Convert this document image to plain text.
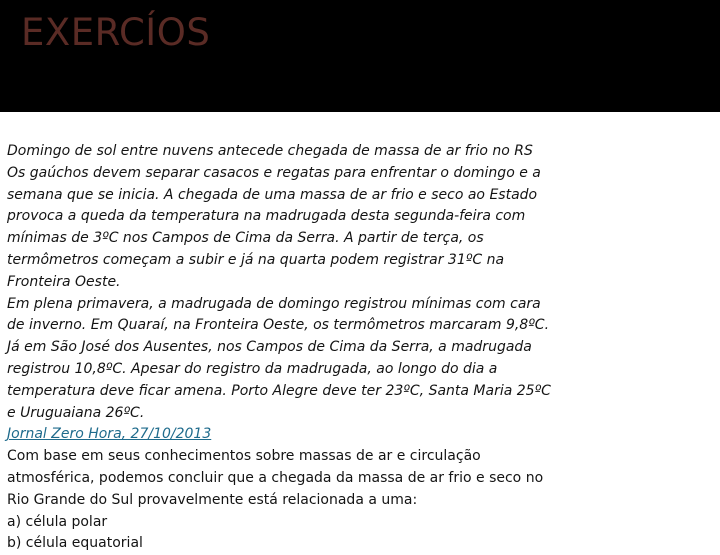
EXERCÍOS
Domingo de sol entre nuvens antecede chegada de massa de ar frio no RS
Os gaúchos devem separar casacos e regatas para enfrentar o domingo e a
semana que se inicia. A chegada de uma massa de ar frio e seco ao Estado
provoca a queda da temperatura na madrugada desta segunda-feira com
mínimas de 3ºC nos Campos de Cima da Serra. A partir de terça, os
termômetros começam a subir e já na quarta podem registrar 31ºC na
Fronteira Oeste.
Em plena primavera, a madrugada de domingo registrou mínimas com cara
de inverno. Em Quaraí, na Fronteira Oeste, os termômetros marcaram 9,8ºC.
Já em São José dos Ausentes, nos Campos de Cima da Serra, a madrugada
registrou 10,8ºC. Apesar do registro da madrugada, ao longo do dia a
temperatura deve ficar amena. Porto Alegre deve ter 23ºC, Santa Maria 25ºC
e Uruguaiana 26ºC.
Jornal Zero Hora, 27/10/2013
Com base em seus conhecimentos sobre massas de ar e circulação
atmosférica, podemos concluir que a chegada da massa de ar frio e seco no
Rio Grande do Sul provavelmente está relacionada a uma:
a) célula polar
b) célula equatorial
